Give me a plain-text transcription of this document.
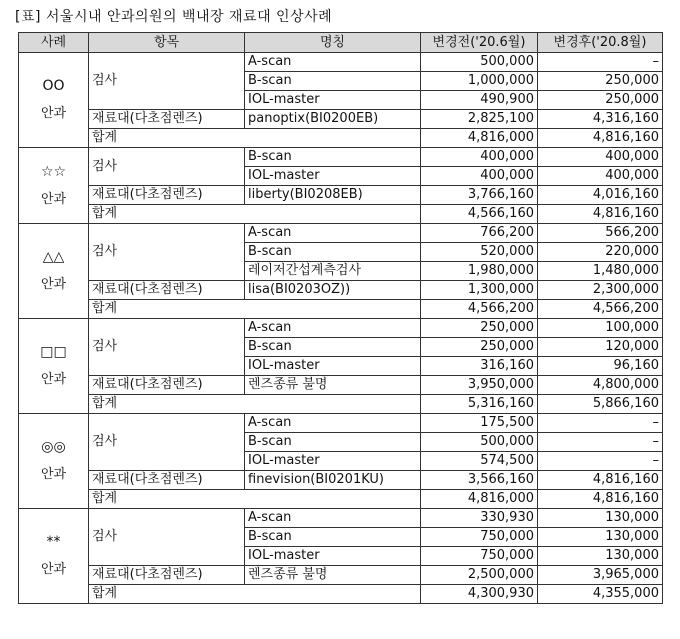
[표] 서울시내 안과의원의 백내장 재료대 인상사례
사례	항목	명칭	변경전('20.6월)	변경후('20.8월)

OO
안과	검사	A-scan	500,000	–
		B-scan	1,000,000	250,000
		IOL-master	490,900	250,000
	재료대(다초점렌즈)	panoptix(BI0200EB)	2,825,100	4,316,160
	합계		4,816,000	4,816,160

☆☆
안과	검사	B-scan	400,000	400,000
		IOL-master	400,000	400,000
	재료대(다초점렌즈)	liberty(BI0208EB)	3,766,160	4,016,160
	합계		4,566,160	4,816,160

△△
안과	검사	A-scan	766,200	566,200
		B-scan	520,000	220,000
		레이저간섭계측검사	1,980,000	1,480,000
	재료대(다초점렌즈)	lisa(BI0203OZ))	1,300,000	2,300,000
	합계		4,566,200	4,566,200

□□
안과	검사	A-scan	250,000	100,000
		B-scan	250,000	120,000
		IOL-master	316,160	96,160
	재료대(다초점렌즈)	렌즈종류 불명	3,950,000	4,800,000
	합계		5,316,160	5,866,160

◎◎
안과	검사	A-scan	175,500	–
		B-scan	500,000	–
		IOL-master	574,500	–
	재료대(다초점렌즈)	finevision(BI0201KU)	3,566,160	4,816,160
	합계		4,816,000	4,816,160

**
안과	검사	A-scan	330,930	130,000
		B-scan	750,000	130,000
		IOL-master	750,000	130,000
	재료대(다초점렌즈)	렌즈종류 불명	2,500,000	3,965,000
	합계		4,300,930	4,355,000
